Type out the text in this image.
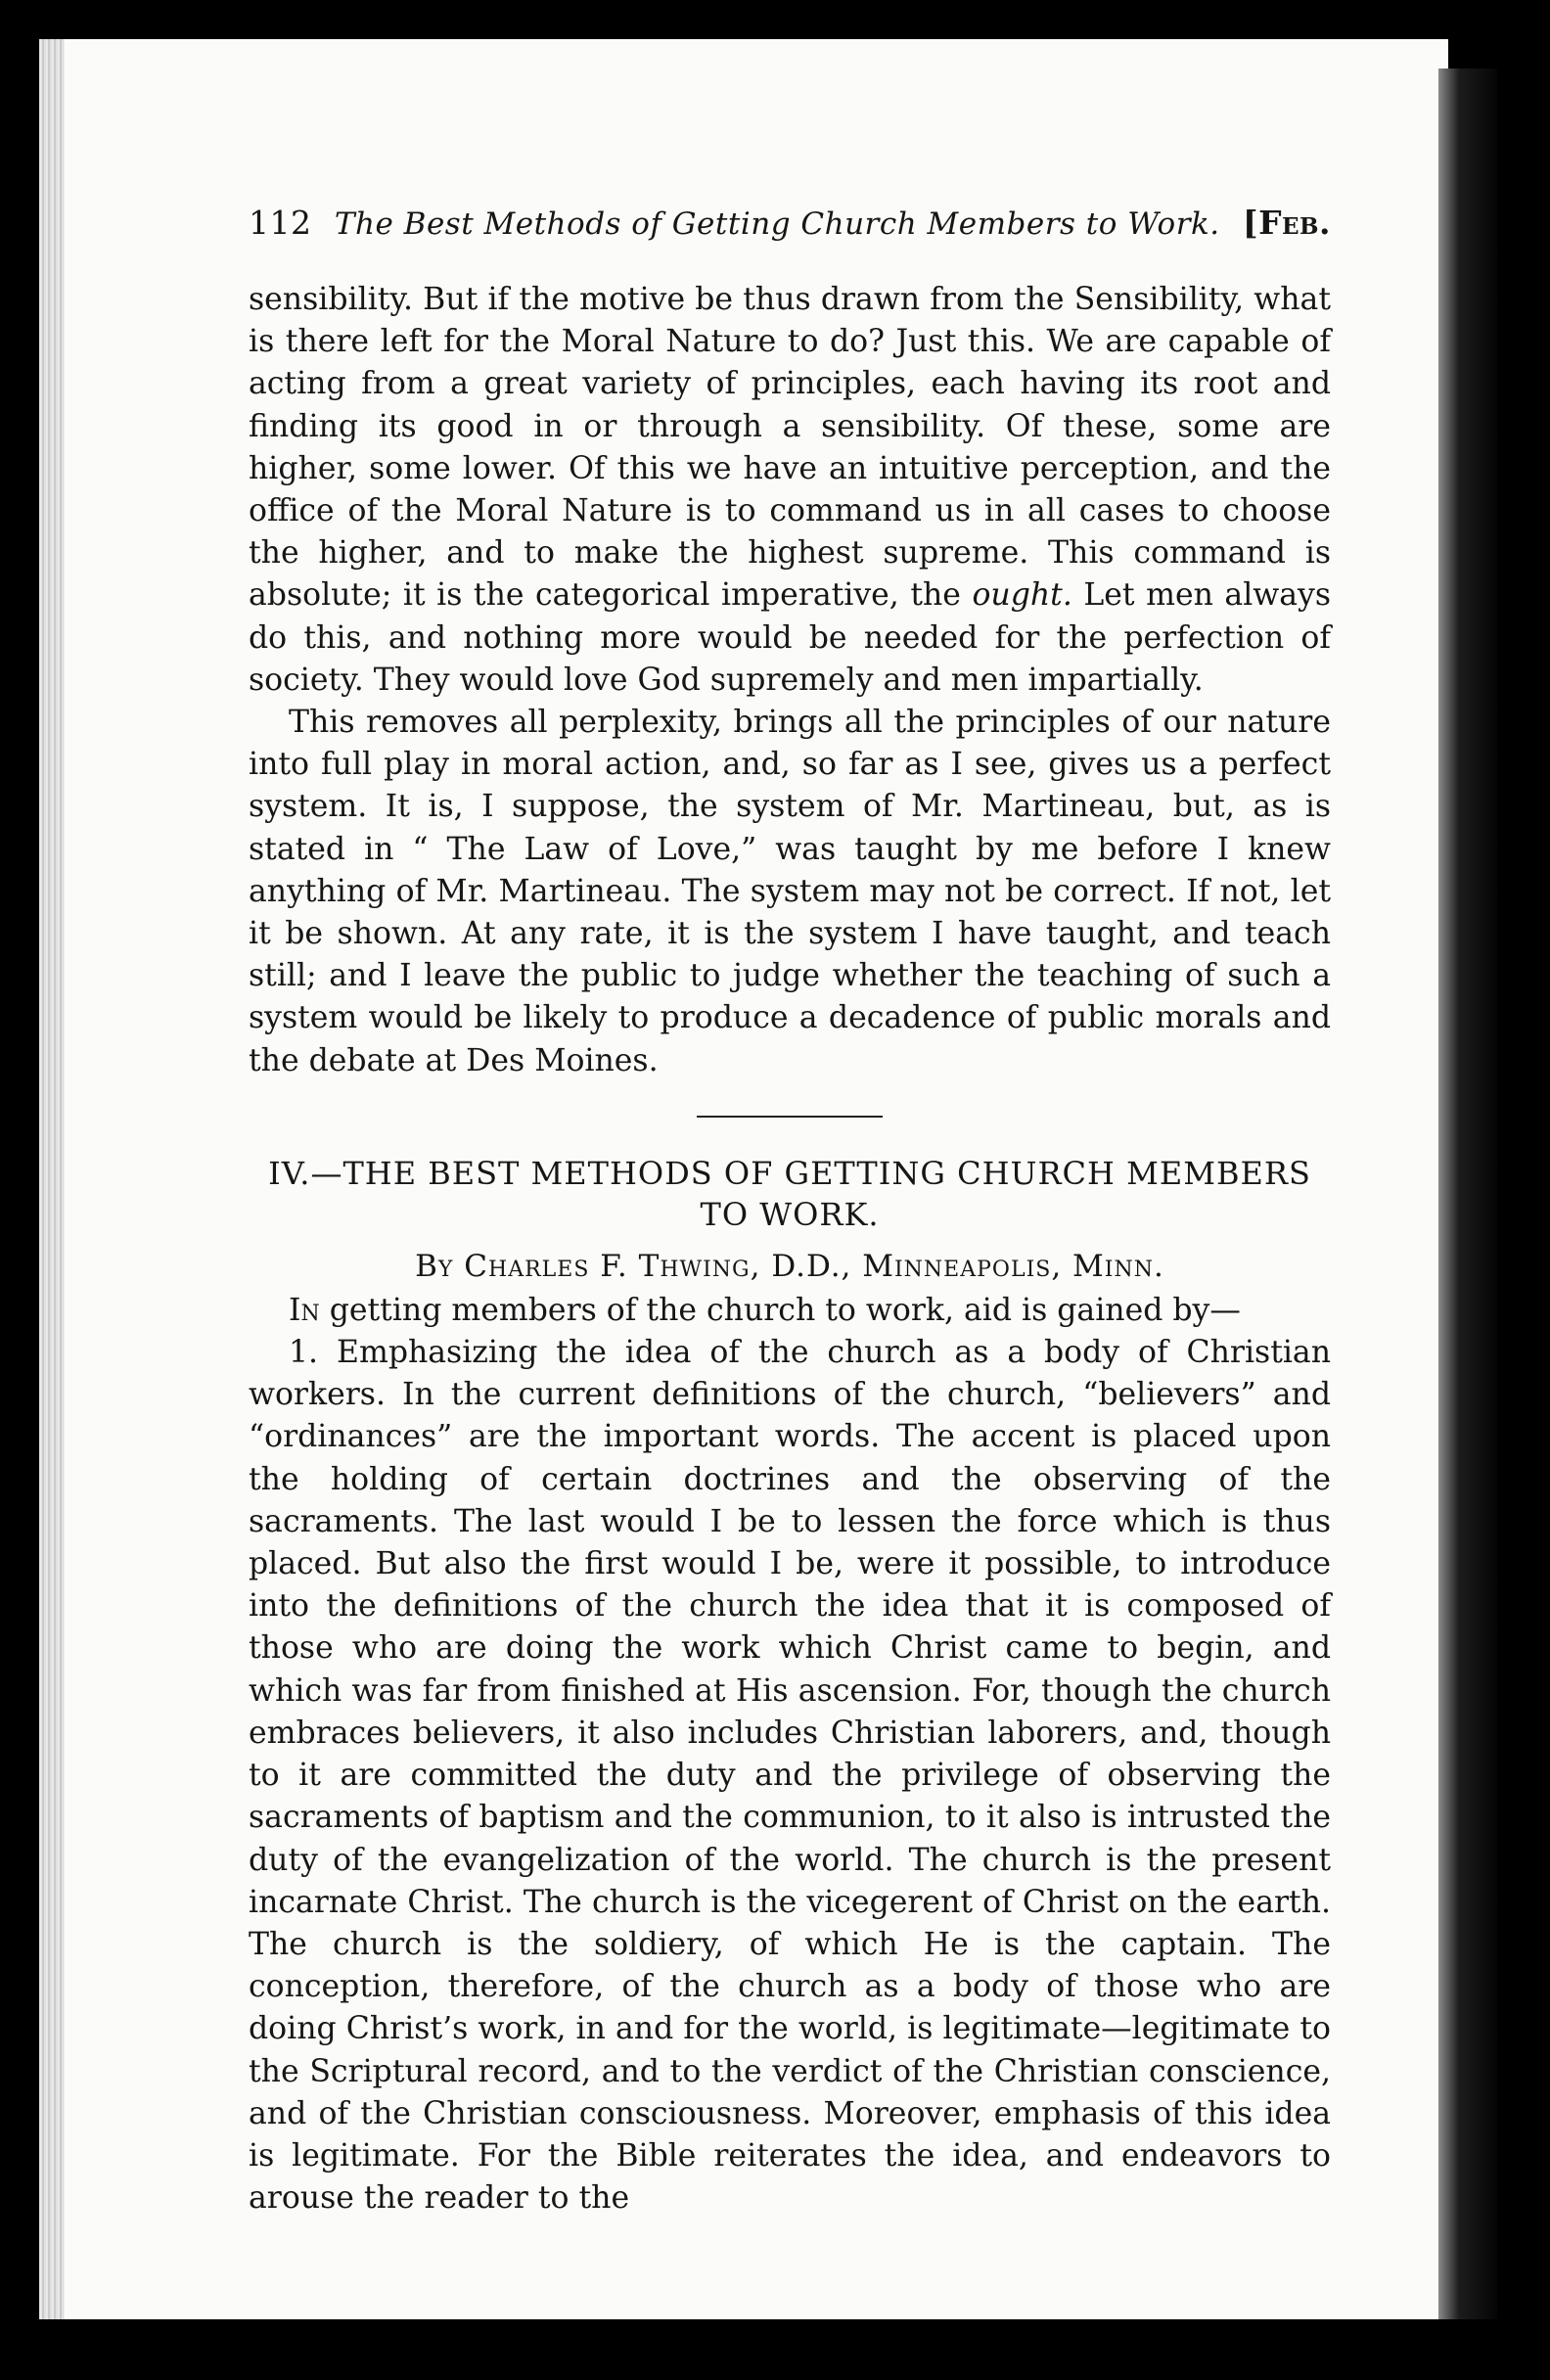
112 The Best Methods of Getting Church Members to Work. [Feb.

sensibility. But if the motive be thus drawn from the Sensibility, what is there left for the Moral Nature to do? Just this. We are capable of acting from a great variety of principles, each having its root and finding its good in or through a sensibility. Of these, some are higher, some lower. Of this we have an intuitive perception, and the office of the Moral Nature is to command us in all cases to choose the higher, and to make the highest supreme. This command is absolute; it is the categorical imperative, the ought. Let men always do this, and nothing more would be needed for the perfection of society. They would love God supremely and men impartially.

This removes all perplexity, brings all the principles of our nature into full play in moral action, and, so far as I see, gives us a perfect system. It is, I suppose, the system of Mr. Martineau, but, as is stated in “ The Law of Love,” was taught by me before I knew anything of Mr. Martineau. The system may not be correct. If not, let it be shown. At any rate, it is the system I have taught, and teach still; and I leave the public to judge whether the teaching of such a system would be likely to produce a decadence of public morals and the debate at Des Moines.

IV.—THE BEST METHODS OF GETTING CHURCH MEMBERS TO WORK.

By Charles F. Thwing, D.D., Minneapolis, Minn.

In getting members of the church to work, aid is gained by—

1. Emphasizing the idea of the church as a body of Christian workers. In the current definitions of the church, “believers” and “ordinances” are the important words. The accent is placed upon the holding of certain doctrines and the observing of the sacraments. The last would I be to lessen the force which is thus placed. But also the first would I be, were it possible, to introduce into the definitions of the church the idea that it is composed of those who are doing the work which Christ came to begin, and which was far from finished at His ascension. For, though the church embraces believers, it also includes Christian laborers, and, though to it are committed the duty and the privilege of observing the sacraments of baptism and the communion, to it also is intrusted the duty of the evangelization of the world. The church is the present incarnate Christ. The church is the vicegerent of Christ on the earth. The church is the soldiery, of which He is the captain. The conception, therefore, of the church as a body of those who are doing Christ’s work, in and for the world, is legitimate—legitimate to the Scriptural record, and to the verdict of the Christian conscience, and of the Christian consciousness. Moreover, emphasis of this idea is legitimate. For the Bible reiterates the idea, and endeavors to arouse the reader to the
